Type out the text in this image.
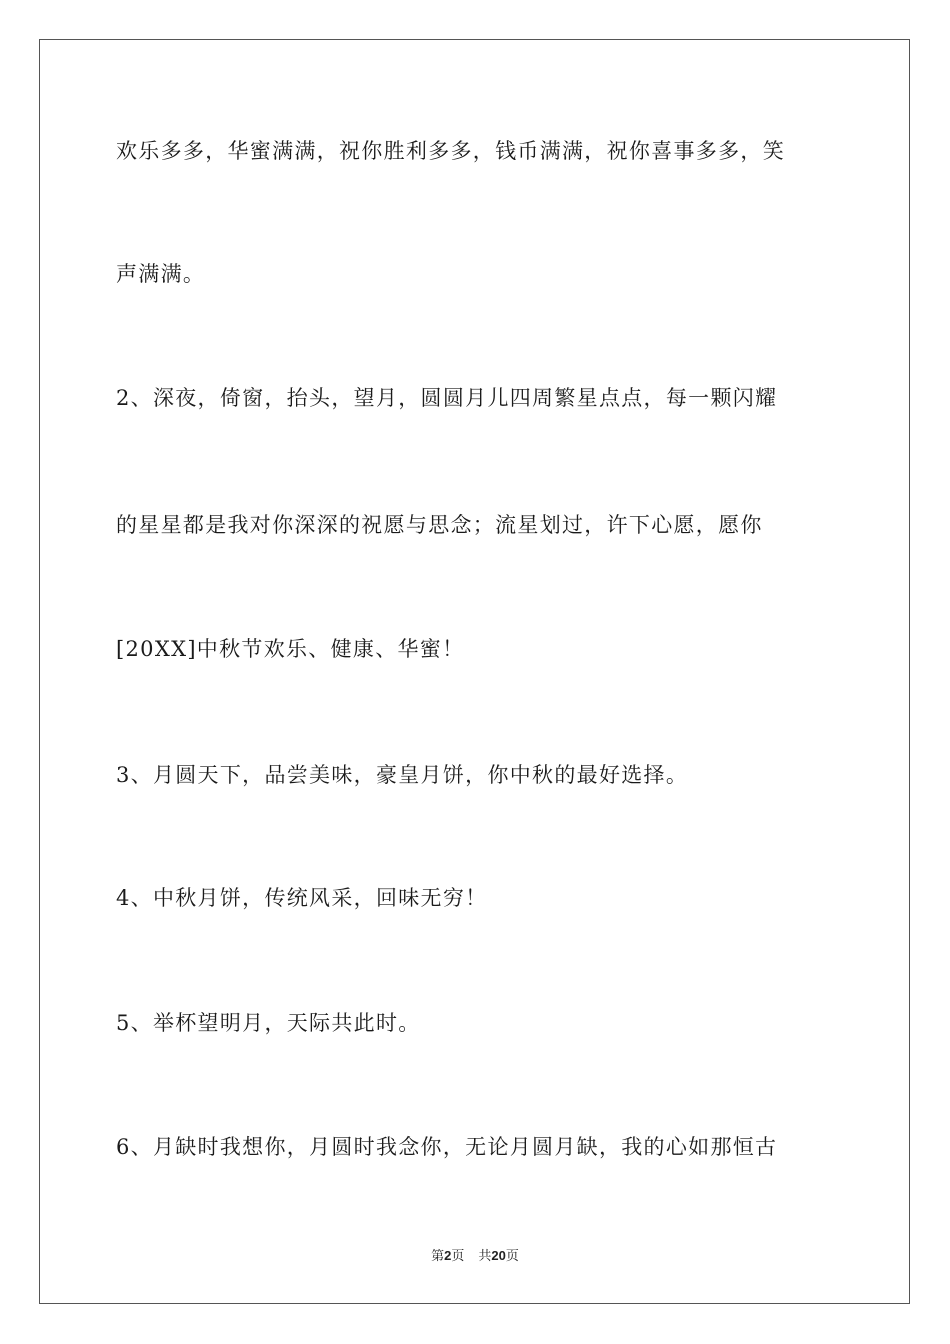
欢乐多多，华蜜满满，祝你胜利多多，钱币满满，祝你喜事多多，笑
声满满。
2、深夜，倚窗，抬头，望月，圆圆月儿四周繁星点点，每一颗闪耀
的星星都是我对你深深的祝愿与思念；流星划过，许下心愿，愿你
[20XX]中秋节欢乐、健康、华蜜！
3、月圆天下，品尝美味，豪皇月饼，你中秋的最好选择。
4、中秋月饼，传统风采，回味无穷！
5、举杯望明月，天际共此时。
6、月缺时我想你，月圆时我念你，无论月圆月缺，我的心如那恒古
第2页 共20页
